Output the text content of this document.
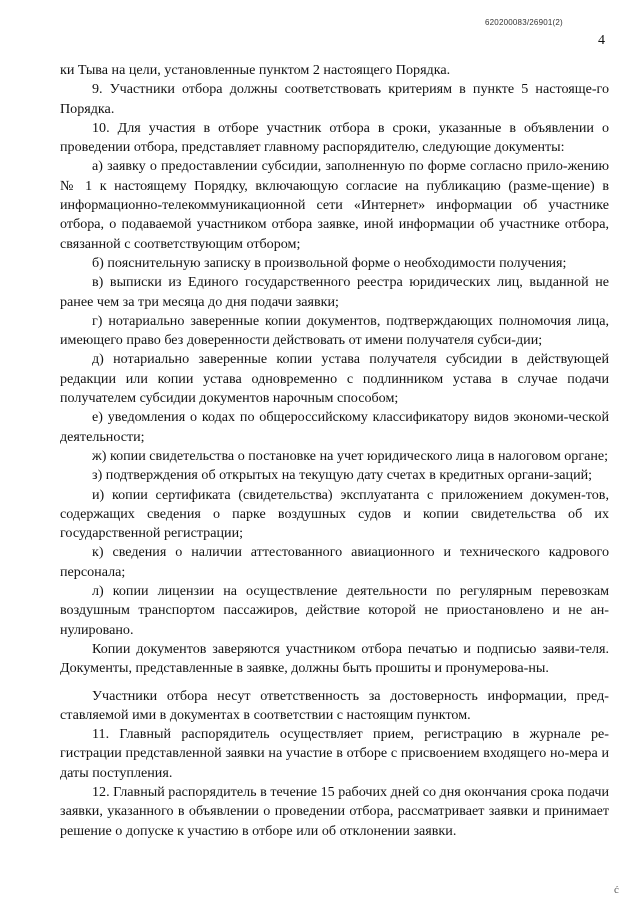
620200083/26901(2)
4

ки Тыва на цели, установленные пунктом 2 настоящего Порядка.

9. Участники отбора должны соответствовать критериям в пункте 5 настояще-го Порядка.

10. Для участия в отборе участник отбора в сроки, указанные в объявлении о проведении отбора, представляет главному распорядителю, следующие документы:

а) заявку о предоставлении субсидии, заполненную по форме согласно прило-жению № 1 к настоящему Порядку, включающую согласие на публикацию (разме-щение) в информационно-телекоммуникационной сети «Интернет» информации об участнике отбора, о подаваемой участником отбора заявке, иной информации об участнике отбора, связанной с соответствующим отбором;

б) пояснительную записку в произвольной форме о необходимости получения;

в) выписки из Единого государственного реестра юридических лиц, выданной не ранее чем за три месяца до дня подачи заявки;

г) нотариально заверенные копии документов, подтверждающих полномочия лица, имеющего право без доверенности действовать от имени получателя субси-дии;

д) нотариально заверенные копии устава получателя субсидии в действующей редакции или копии устава одновременно с подлинником устава в случае подачи получателем субсидии документов нарочным способом;

е) уведомления о кодах по общероссийскому классификатору видов экономи-ческой деятельности;

ж) копии свидетельства о постановке на учет юридического лица в налоговом органе;

з) подтверждения об открытых на текущую дату счетах в кредитных органи-заций;

и) копии сертификата (свидетельства) эксплуатанта с приложением докумен-тов, содержащих сведения о парке воздушных судов и копии свидетельства об их государственной регистрации;

к) сведения о наличии аттестованного авиационного и технического кадрового персонала;

л) копии лицензии на осуществление деятельности по регулярным перевозкам воздушным транспортом пассажиров, действие которой не приостановлено и не ан-нулировано.

Копии документов заверяются участником отбора печатью и подписью заяви-теля. Документы, представленные в заявке, должны быть прошиты и пронумерова-ны.

Участники отбора несут ответственность за достоверность информации, пред-ставляемой ими в документах в соответствии с настоящим пунктом.

11. Главный распорядитель осуществляет прием, регистрацию в журнале ре-гистрации представленной заявки на участие в отборе с присвоением входящего но-мера и даты поступления.

12. Главный распорядитель в течение 15 рабочих дней со дня окончания срока подачи заявки, указанного в объявлении о проведении отбора, рассматривает заявки и принимает решение о допуске к участию в отборе или об отклонении заявки.

ć
